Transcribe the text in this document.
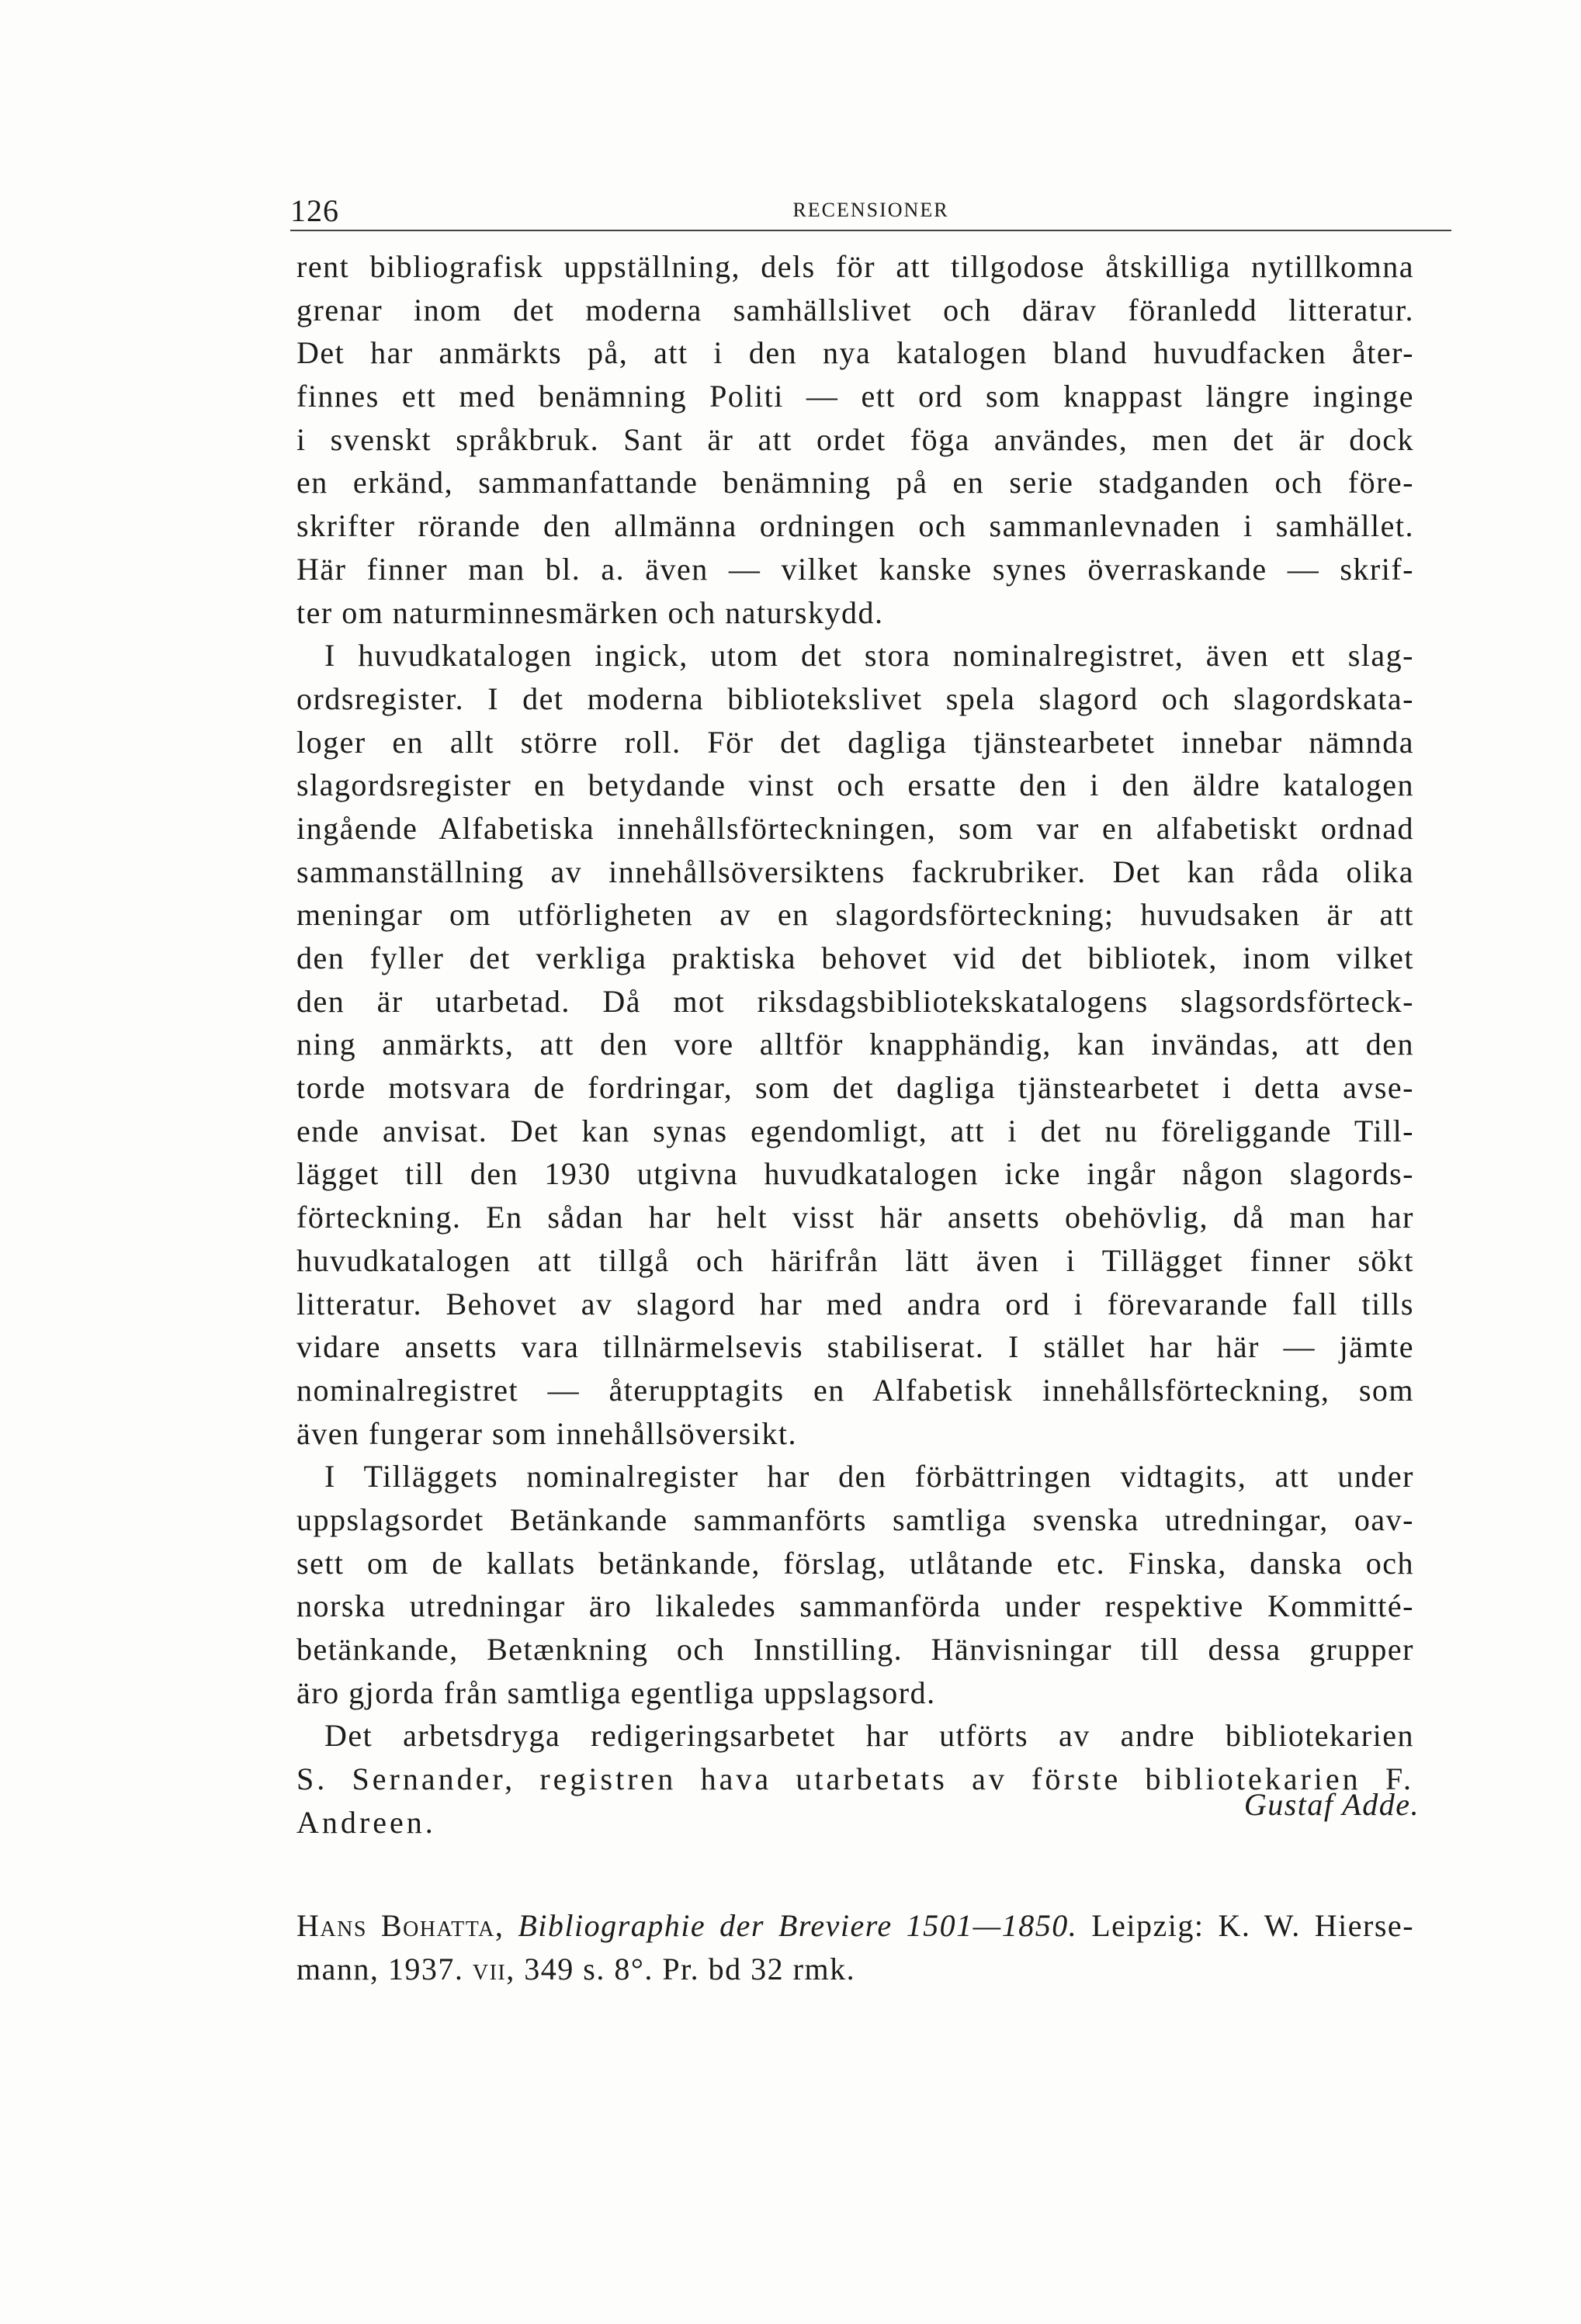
126	RECENSIONER
rent bibliografisk uppställning, dels för att tillgodose åtskilliga nytillkomna
grenar inom det moderna samhällslivet och därav föranledd litteratur.
Det har anmärkts på, att i den nya katalogen bland huvudfacken åter-
finnes ett med benämning Politi — ett ord som knappast längre inginge
i svenskt språkbruk. Sant är att ordet föga användes, men det är dock
en erkänd, sammanfattande benämning på en serie stadganden och före-
skrifter rörande den allmänna ordningen och sammanlevnaden i samhället.
Här finner man bl. a. även — vilket kanske synes överraskande — skrif-
ter om naturminnesmärken och naturskydd.
I huvudkatalogen ingick, utom det stora nominalregistret, även ett slag-
ordsregister. I det moderna bibliotekslivet spela slagord och slagordskata-
loger en allt större roll. För det dagliga tjänstearbetet innebar nämnda
slagordsregister en betydande vinst och ersatte den i den äldre katalogen
ingående Alfabetiska innehållsförteckningen, som var en alfabetiskt ordnad
sammanställning av innehållsöversiktens fackrubriker. Det kan råda olika
meningar om utförligheten av en slagordsförteckning; huvudsaken är att
den fyller det verkliga praktiska behovet vid det bibliotek, inom vilket
den är utarbetad. Då mot riksdagsbibliotekskatalogens slagsordsförteck-
ning anmärkts, att den vore alltför knapphändig, kan invändas, att den
torde motsvara de fordringar, som det dagliga tjänstearbetet i detta avse-
ende anvisat. Det kan synas egendomligt, att i det nu föreliggande Till-
lägget till den 1930 utgivna huvudkatalogen icke ingår någon slagords-
förteckning. En sådan har helt visst här ansetts obehövlig, då man har
huvudkatalogen att tillgå och härifrån lätt även i Tillägget finner sökt
litteratur. Behovet av slagord har med andra ord i förevarande fall tills
vidare ansetts vara tillnärmelsevis stabiliserat. I stället har här — jämte
nominalregistret — återupptagits en Alfabetisk innehållsförteckning, som
även fungerar som innehållsöversikt.
I Tilläggets nominalregister har den förbättringen vidtagits, att under
uppslagsordet Betänkande sammanförts samtliga svenska utredningar, oav-
sett om de kallats betänkande, förslag, utlåtande etc. Finska, danska och
norska utredningar äro likaledes sammanförda under respektive Kommitté-
betänkande, Betænkning och Innstilling. Hänvisningar till dessa grupper
äro gjorda från samtliga egentliga uppslagsord.
Det arbetsdryga redigeringsarbetet har utförts av andre bibliotekarien
S. Sernander, registren hava utarbetats av förste bibliotekarien F.
Andreen.
Gustaf Adde.
Hans Bohatta, Bibliographie der Breviere 1501—1850. Leipzig: K. W. Hierse-
mann, 1937. vii, 349 s. 8°. Pr. bd 32 rmk.
